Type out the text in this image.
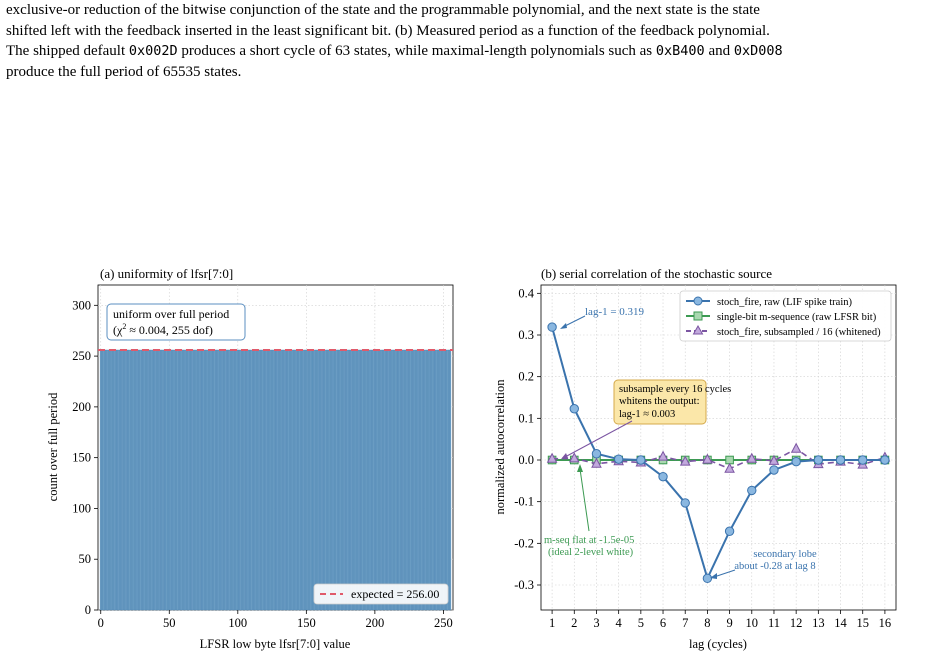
exclusive-or reduction of the bitwise conjunction of the state and the programmable polynomial, and the next state is the state
shifted left with the feedback inserted in the least significant bit. (b) Measured period as a function of the feedback polynomial.
The shipped default 0x002D produces a short cycle of 63 states, while maximal-length polynomials such as 0xB400 and 0xD008
produce the full period of 65535 states.
(a) uniformity of lfsr[7:0]
0	50	100	150	200	250
0
50
100
150
200
250
300
LFSR low byte lfsr[7:0] value
count over full period
uniform over full period
($\chi^2 \approx 0.004$, 255 dof)
expected = 256.00
(b) serial correlation of the stochastic source
1 2 3 4 5 6 7 8 9 10 11 12 13 14 15 16
-0.3
-0.2
-0.1
0.0
0.1
0.2
0.3
0.4
lag (cycles)
normalized autocorrelation
lag-1 = 0.319
subsample every 16 cycles
whitens the output:
lag-1 ≈ 0.003
m-seq flat at -1.5e-05
(ideal 2-level white)	secondary lobe
about -0.28 at lag 8
stoch_fire, raw (LIF spike train)
single-bit m-sequence (raw LFSR bit)
stoch_fire, subsampled / 16 (whitened)
